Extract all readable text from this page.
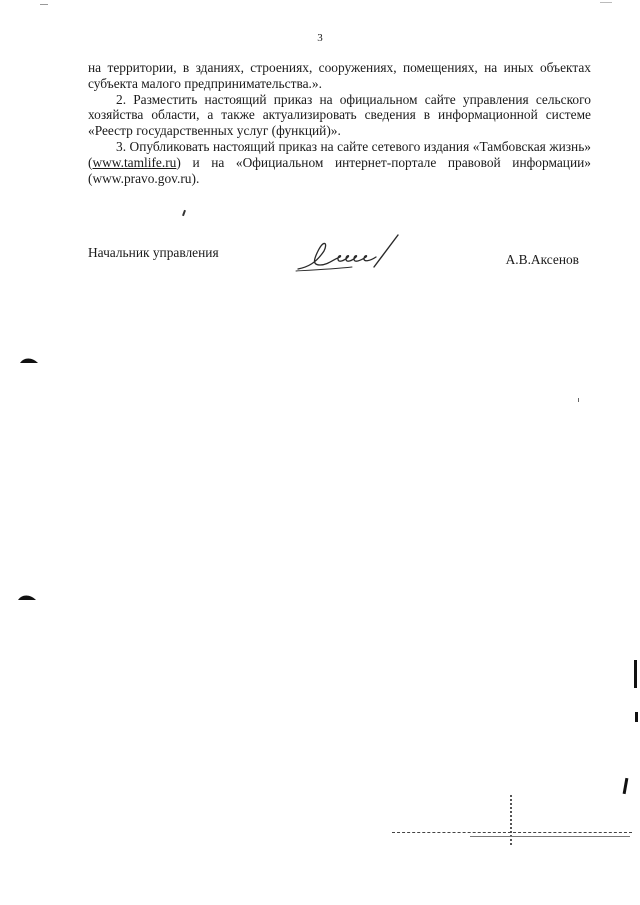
3

на территории, в зданиях, строениях, сооружениях, помещениях, на иных объектах субъекта малого предпринимательства.».

2. Разместить настоящий приказ на официальном сайте управления сельского хозяйства области, а также актуализировать сведения в информационной системе «Реестр государственных услуг (функций)».

3. Опубликовать настоящий приказ на сайте сетевого издания «Тамбовская жизнь» (www.tamlife.ru) и на «Официальном интернет-портале правовой информации» (www.pravo.gov.ru).

Начальник управления	А.В.Аксенов
